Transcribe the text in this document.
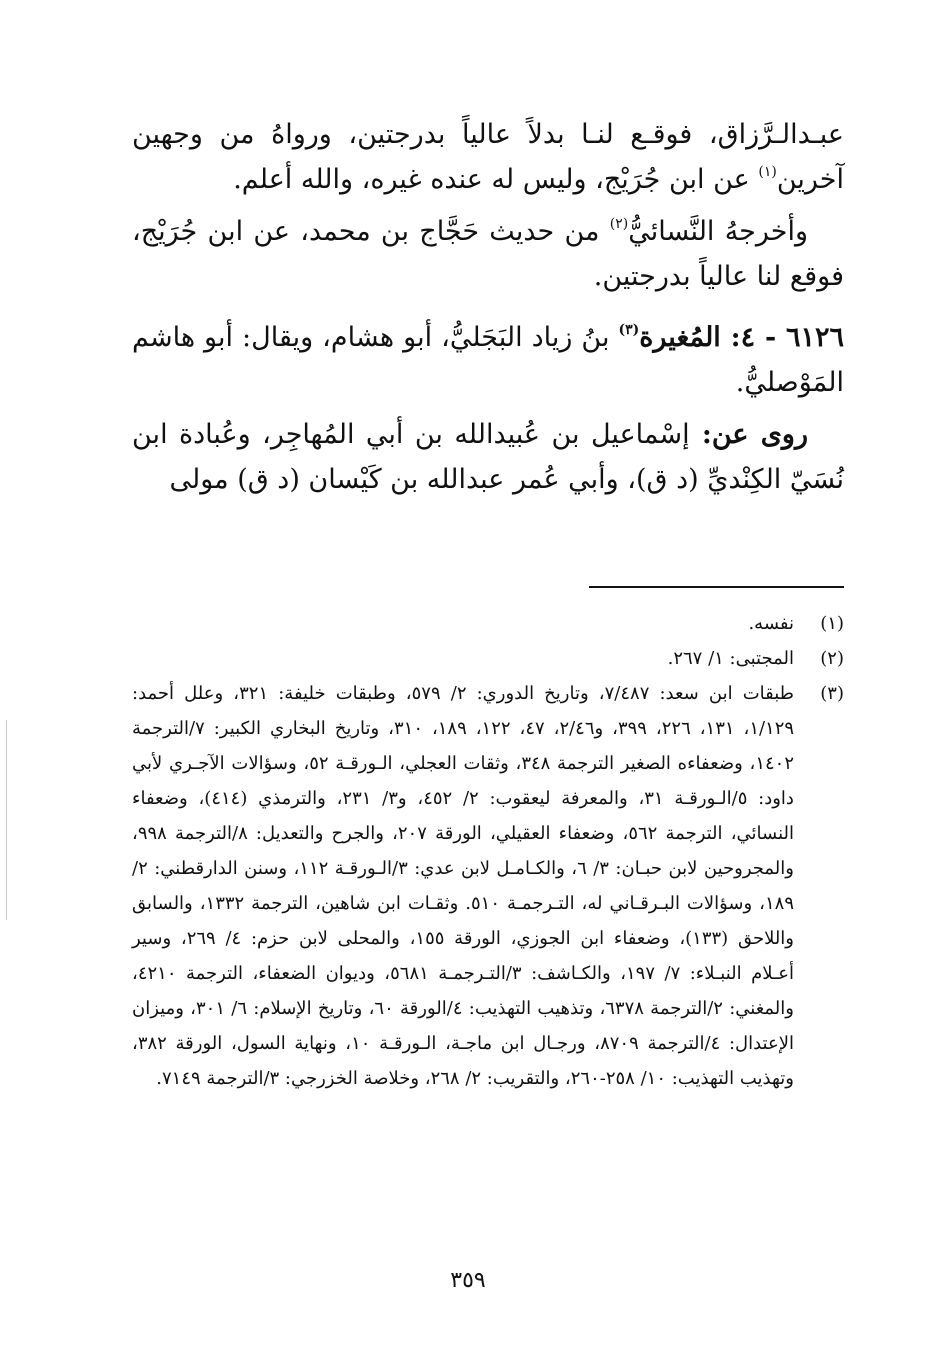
عبـدالـرَّزاق، فوقـع لنـا بدلاً عالياً بدرجتين، ورواهُ من وجهين آخرين$^{(١)}$ عن ابن جُرَيْج، وليس له عنده غيره، والله أعلم.

وأخرجهُ النَّسائيُّ$^{(٢)}$ من حديث حَجَّاج بن محمد، عن ابن جُرَيْج، فوقع لنا عالياً بدرجتين.

٦١٢٦ - ٤: المُغيرة$^{(٣)}$ بنُ زياد البَجَليُّ، أبو هشام، ويقال: أبو هاشم المَوْصليُّ.

روى عن: إسْماعيل بن عُبيدالله بن أبي المُهاجِر، وعُبادة ابن نُسَيّ الكِنْديِّ (د ق)، وأبي عُمر عبدالله بن كَيْسان (د ق) مولى

(١)
نفسه.
(٢)
المجتبى: ١/ ٢٦٧.
(٣)
طبقات ابن سعد: ٧/٤٨٧، وتاريخ الدوري: ٢/ ٥٧٩، وطبقات خليفة: ٣٢١، وعلل أحمد: ١/١٢٩، ١٣١، ٢٢٦، ٣٩٩، و٢/٤٦، ٤٧، ١٢٢، ١٨٩، ٣١٠، وتاريخ البخاري الكبير: ٧/الترجمة ١٤٠٢، وضعفاءه الصغير الترجمة ٣٤٨، وثقات العجلي، الـورقـة ٥٢، وسؤالات الآجـري لأبي داود: ٥/الـورقـة ٣١، والمعرفة ليعقوب: ٢/ ٤٥٢، و٣/ ٢٣١، والترمذي (٤١٤)، وضعفاء النسائي، الترجمة ٥٦٢، وضعفاء العقيلي، الورقة ٢٠٧، والجرح والتعديل: ٨/الترجمة ٩٩٨، والمجروحين لابن حبـان: ٣/ ٦، والكـامـل لابن عدي: ٣/الـورقـة ١١٢، وسنن الدارقطني: ٢/ ١٨٩، وسؤالات البـرقـاني له، التـرجمـة ٥١٠. وثقـات ابن شاهين، الترجمة ١٣٣٢، والسابق واللاحق (١٣٣)، وضعفاء ابن الجوزي، الورقة ١٥٥، والمحلى لابن حزم: ٤/ ٢٦٩، وسير أعـلام النبـلاء: ٧/ ١٩٧، والكـاشف: ٣/التـرجمـة ٥٦٨١، وديوان الضعفاء، الترجمة ٤٢١٠، والمغني: ٢/الترجمة ٦٣٧٨، وتذهيب التهذيب: ٤/الورقة ٦٠، وتاريخ الإسلام: ٦/ ٣٠١، وميزان الإعتدال: ٤/الترجمة ٨٧٠٩، ورجـال ابن ماجـة، الـورقـة ١٠، ونهاية السول، الورقة ٣٨٢، وتهذيب التهذيب: ١٠/ ٢٥٨-٢٦٠، والتقريب: ٢/ ٢٦٨، وخلاصة الخزرجي: ٣/الترجمة ٧١٤٩.
٣٥٩
